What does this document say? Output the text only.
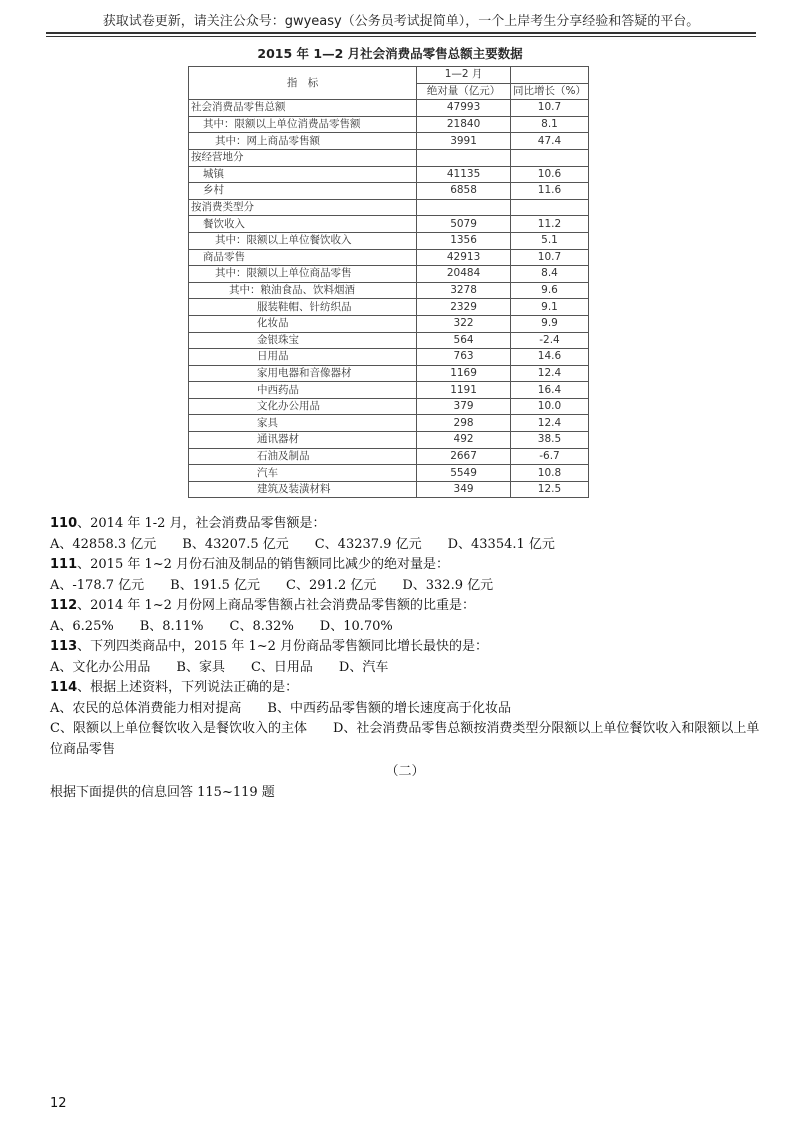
获取试卷更新，请关注公众号：gwyeasy（公务员考试捉简单），一个上岸考生分享经验和答疑的平台。
2015 年 1—2 月社会消费品零售总额主要数据
指　标	1—2 月	
	绝对量（亿元）	同比增长（%）
社会消费品零售总额	47993	10.7
其中：限额以上单位消费品零售额	21840	8.1
其中：网上商品零售额	3991	47.4
按经营地分		
城镇	41135	10.6
乡村	6858	11.6
按消费类型分		
餐饮收入	5079	11.2
其中：限额以上单位餐饮收入	1356	5.1
商品零售	42913	10.7
其中：限额以上单位商品零售	20484	8.4
其中：粮油食品、饮料烟酒	3278	9.6
服装鞋帽、针纺织品	2329	9.1
化妆品	322	9.9
金银珠宝	564	-2.4
日用品	763	14.6
家用电器和音像器材	1169	12.4
中西药品	1191	16.4
文化办公用品	379	10.0
家具	298	12.4
通讯器材	492	38.5
石油及制品	2667	-6.7
汽车	5549	10.8
建筑及装潢材料	349	12.5
110、2014 年 1-2 月，社会消费品零售额是：
A、42858.3 亿元 B、43207.5 亿元 C、43237.9 亿元 D、43354.1 亿元
111、2015 年 1~2 月份石油及制品的销售额同比减少的绝对量是：
A、-178.7 亿元 B、191.5 亿元 C、291.2 亿元 D、332.9 亿元
112、2014 年 1~2 月份网上商品零售额占社会消费品零售额的比重是：
A、6.25% B、8.11% C、8.32% D、10.70%
113、下列四类商品中，2015 年 1~2 月份商品零售额同比增长最快的是：
A、文化办公用品 B、家具 C、日用品 D、汽车
114、根据上述资料，下列说法正确的是：
A、农民的总体消费能力相对提高 B、中西药品零售额的增长速度高于化妆品
C、限额以上单位餐饮收入是餐饮收入的主体　　D、社会消费品零售总额按消费类型分限额以上单位餐饮收入和限额以上单位商品零售
（二）
根据下面提供的信息回答 115~119 题
12
